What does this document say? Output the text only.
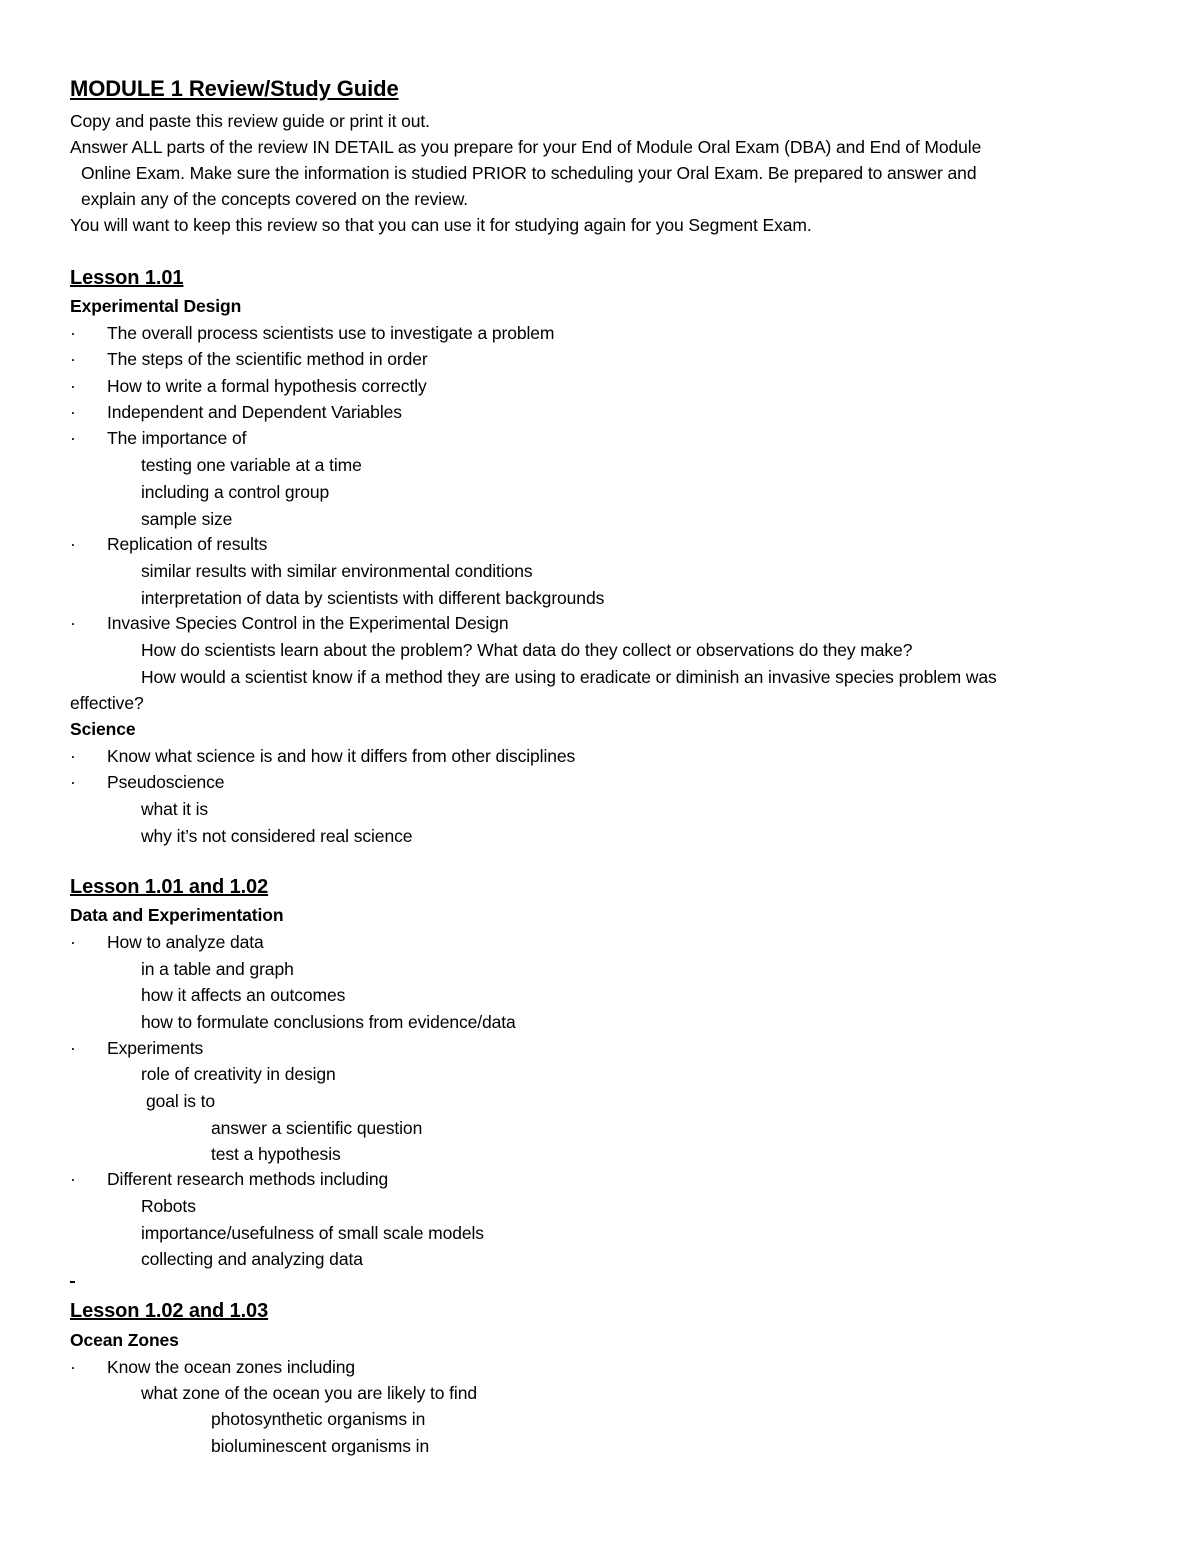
MODULE 1 Review/Study Guide
Copy and paste this review guide or print it out.
Answer ALL parts of the review IN DETAIL as you prepare for your End of Module Oral Exam (DBA) and End of Module
Online Exam. Make sure the information is studied PRIOR to scheduling your Oral Exam. Be prepared to answer and
explain any of the concepts covered on the review.
You will want to keep this review so that you can use it for studying again for you Segment Exam.
Lesson 1.01
Experimental Design
· The overall process scientists use to investigate a problem
· The steps of the scientific method in order
· How to write a formal hypothesis correctly
· Independent and Dependent Variables
· The importance of
testing one variable at a time
including a control group
sample size
· Replication of results
similar results with similar environmental conditions
interpretation of data by scientists with different backgrounds
· Invasive Species Control in the Experimental Design
How do scientists learn about the problem? What data do they collect or observations do they make?
How would a scientist know if a method they are using to eradicate or diminish an invasive species problem was
effective?
Science
· Know what science is and how it differs from other disciplines
· Pseudoscience
what it is
why it’s not considered real science
Lesson 1.01 and 1.02
Data and Experimentation
· How to analyze data
in a table and graph
how it affects an outcomes
how to formulate conclusions from evidence/data
· Experiments
role of creativity in design
goal is to
answer a scientific question
test a hypothesis
· Different research methods including
Robots
importance/usefulness of small scale models
collecting and analyzing data
Lesson 1.02 and 1.03
Ocean Zones
· Know the ocean zones including
what zone of the ocean you are likely to find
photosynthetic organisms in
bioluminescent organisms in
